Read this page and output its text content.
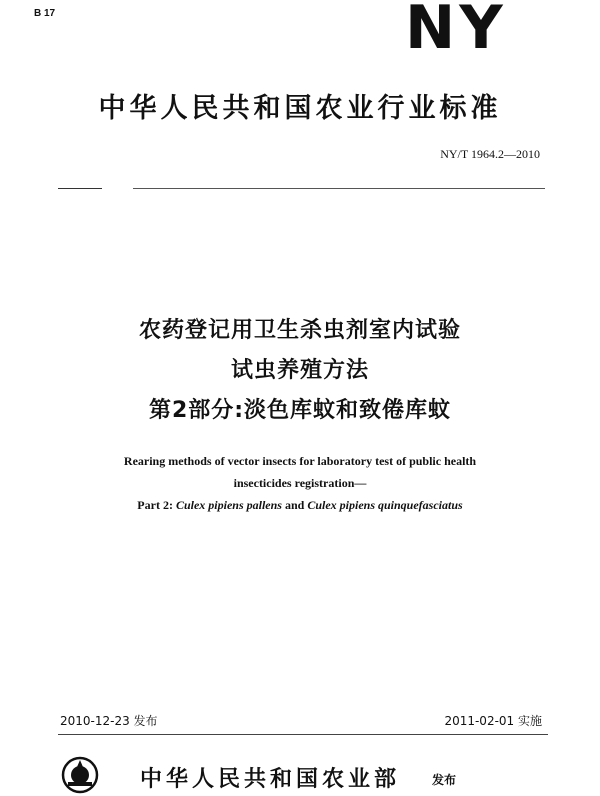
B 17	NY
中华人民共和国农业行业标准
NY/T 1964.2—2010
农药登记用卫生杀虫剂室内试验
试虫养殖方法
第2部分:淡色库蚊和致倦库蚊
Rearing methods of vector insects for laboratory test of public health
insecticides registration—
Part 2: Culex pipiens pallens and Culex pipiens quinquefasciatus
2010-12-23 发布	2011-02-01 实施
中华人民共和国农业部	发布
